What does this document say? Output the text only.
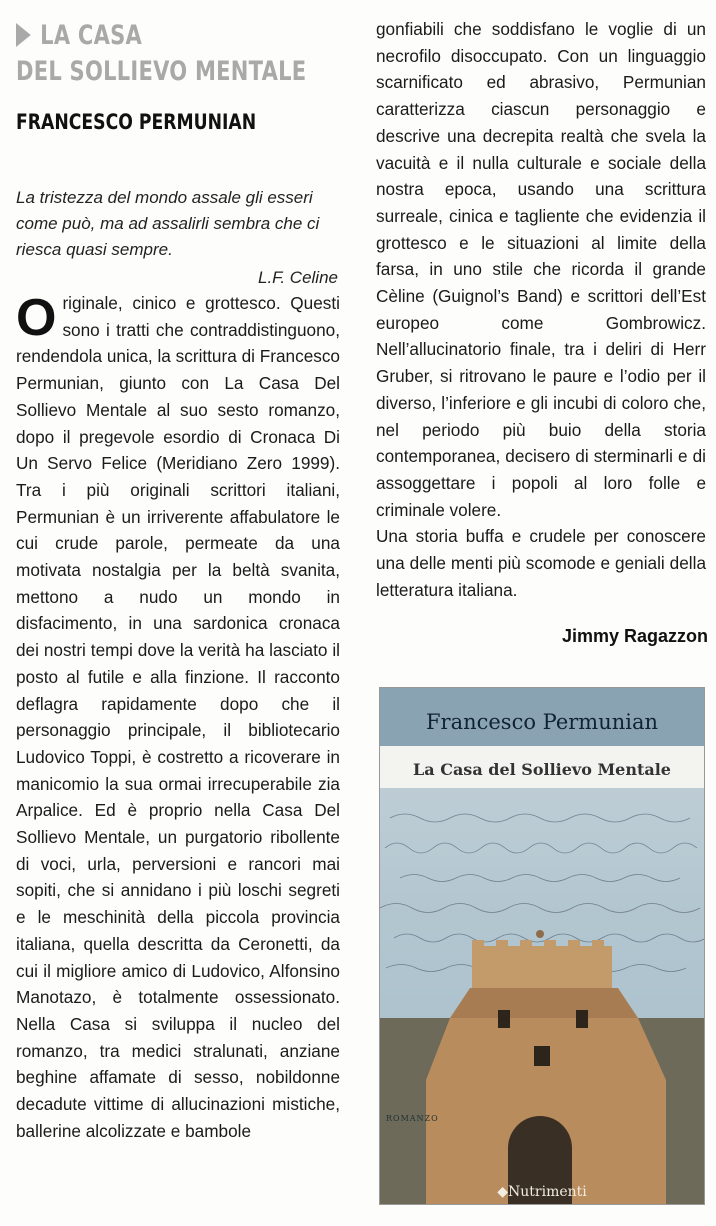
LA CASA
DEL SOLLIEVO MENTALE
FRANCESCO PERMUNIAN
La tristezza del mondo assale gli esseri come può, ma ad assalirli sembra che ci riesca quasi sempre.
L.F. Celine
Originale, cinico e grottesco. Questi sono i tratti che contraddistinguono, rendendola unica, la scrittura di Francesco Permunian, giunto con La Casa Del Sollievo Mentale al suo sesto romanzo, dopo il pregevole esordio di Cronaca Di Un Servo Felice (Meridiano Zero 1999). Tra i più originali scrittori italiani, Permunian è un irriverente affabulatore le cui crude parole, permeate da una motivata nostalgia per la beltà svanita, mettono a nudo un mondo in disfacimento, in una sardonica cronaca dei nostri tempi dove la verità ha lasciato il posto al futile e alla finzione. Il racconto deflagra rapidamente dopo che il personaggio principale, il bibliotecario Ludovico Toppi, è costretto a ricoverare in manicomio la sua ormai irrecuperabile zia Arpalice. Ed è proprio nella Casa Del Sollievo Mentale, un purgatorio ribollente di voci, urla, perversioni e rancori mai sopiti, che si annidano i più loschi segreti e le meschinità della piccola provincia italiana, quella descritta da Ceronetti, da cui il migliore amico di Ludovico, Alfonsino Manotazo, è totalmente ossessionato. Nella Casa si sviluppa il nucleo del romanzo, tra medici stralunati, anziane beghine affamate di sesso, nobildonne decadute vittime di allucinazioni mistiche, ballerine alcolizzate e bambole
gonfiabili che soddisfano le voglie di un necrofilo disoccupato. Con un linguaggio scarnificato ed abrasivo, Permunian caratterizza ciascun personaggio e descrive una decrepita realtà che svela la vacuità e il nulla culturale e sociale della nostra epoca, usando una scrittura surreale, cinica e tagliente che evidenzia il grottesco e le situazioni al limite della farsa, in uno stile che ricorda il grande Cèline (Guignol’s Band) e scrittori dell’Est europeo come Gombrowicz. Nell’allucinatorio finale, tra i deliri di Herr Gruber, si ritrovano le paure e l’odio per il diverso, l’inferiore e gli incubi di coloro che, nel periodo più buio della storia contemporanea, decisero di sterminarli e di assoggettare i popoli al loro folle e criminale volere.
Una storia buffa e crudele per conoscere una delle menti più scomode e geniali della letteratura italiana.
Jimmy Ragazzon
Francesco Permunian
La Casa del Sollievo Mentale
ROMANZO
◆Nutrimenti
